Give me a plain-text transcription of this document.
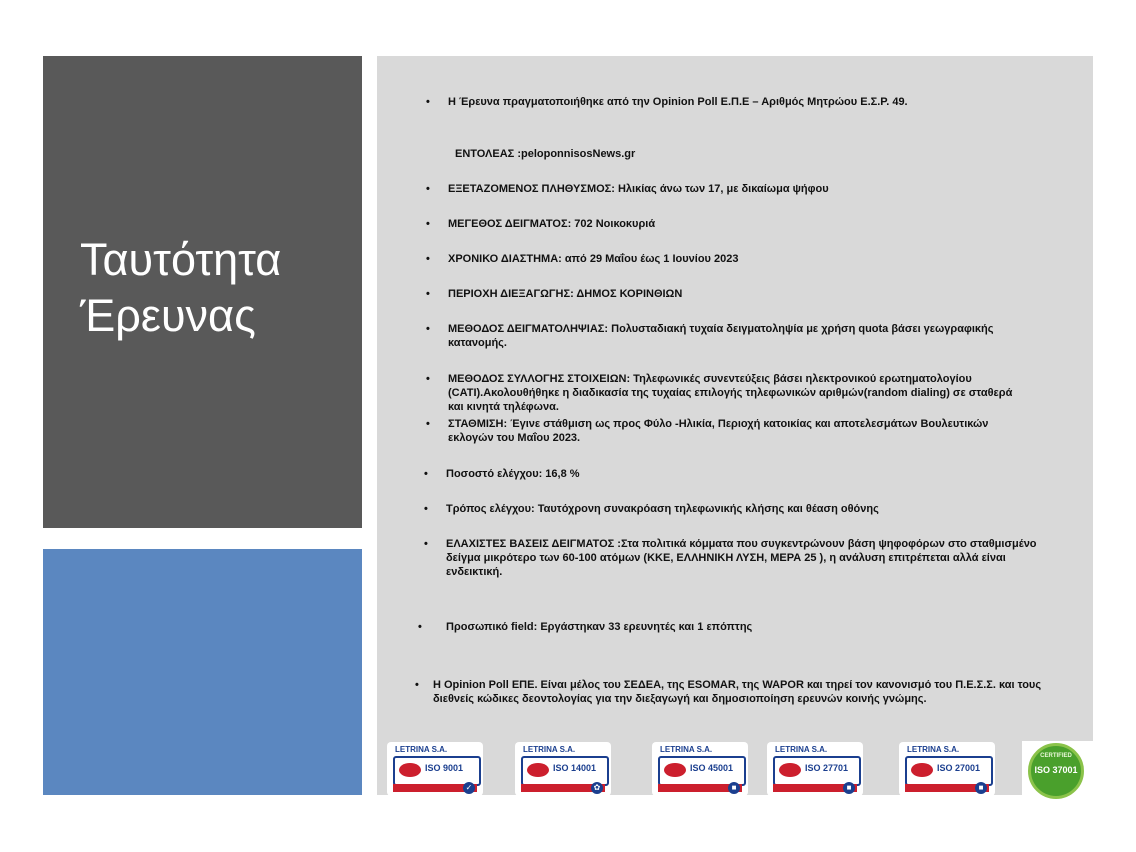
Ταυτότητα
Έρευνας
• Η Έρευνα πραγματοποιήθηκε από την Opinion Poll Ε.Π.Ε – Αριθμός Μητρώου Ε.Σ.Ρ. 49.
ΕΝΤΟΛΕΑΣ :peloponnisosNews.gr
• ΕΞΕΤΑΖΟΜΕΝΟΣ ΠΛΗΘΥΣΜΟΣ: Ηλικίας άνω των 17, με δικαίωμα ψήφου
• ΜΕΓΕΘΟΣ ΔΕΙΓΜΑΤΟΣ: 702 Νοικοκυριά
• ΧΡΟΝΙΚΟ ΔΙΑΣΤΗΜΑ: από 29 Μαΐου έως 1 Ιουνίου 2023
• ΠΕΡΙΟΧΗ ΔΙΕΞΑΓΩΓΗΣ: ΔΗΜΟΣ ΚΟΡΙΝΘΙΩΝ
• ΜΕΘΟΔΟΣ ΔΕΙΓΜΑΤΟΛΗΨΙΑΣ: Πολυσταδιακή τυχαία δειγματοληψία με χρήση quota βάσει γεωγραφικής κατανομής.
• ΜΕΘΟΔΟΣ ΣΥΛΛΟΓΗΣ ΣΤΟΙΧΕΙΩΝ: Τηλεφωνικές συνεντεύξεις βάσει ηλεκτρονικού ερωτηματολογίου (CATI).Ακολουθήθηκε η διαδικασία της τυχαίας επιλογής τηλεφωνικών αριθμών(random dialing) σε σταθερά και κινητά τηλέφωνα.
• ΣΤΑΘΜΙΣΗ: Έγινε στάθμιση ως προς Φύλο -Ηλικία, Περιοχή κατοικίας και αποτελεσμάτων Βουλευτικών εκλογών του Μαΐου 2023.
• Ποσοστό ελέγχου: 16,8 %
• Τρόπος ελέγχου: Ταυτόχρονη συνακρόαση τηλεφωνικής κλήσης και θέαση οθόνης
• ΕΛΑΧΙΣΤΕΣ ΒΑΣΕΙΣ ΔΕΙΓΜΑΤΟΣ :Στα πολιτικά κόμματα που συγκεντρώνουν βάση ψηφοφόρων στο σταθμισμένο δείγμα μικρότερο των 60-100 ατόμων (ΚΚΕ, ΕΛΛΗΝΙΚΗ ΛΥΣΗ, ΜΕΡΑ 25 ), η ανάλυση επιτρέπεται αλλά είναι ενδεικτική.
• Προσωπικό field: Εργάστηκαν 33 ερευνητές και 1 επόπτης
• Η Opinion Poll ΕΠΕ. Είναι μέλος του ΣΕΔΕΑ, της ESOMAR, της WAPOR και τηρεί τον κανονισμό του Π.Ε.Σ.Σ. και τους διεθνείς κώδικες δεοντολογίας για την διεξαγωγή και δημοσιοποίηση ερευνών κοινής γνώμης.
LETRINA S.A.
ISO 9001
✓
LETRINA S.A.
ISO 14001
✿
LETRINA S.A.
ISO 45001
■
LETRINA S.A.
ISO 27701
■
LETRINA S.A.
ISO 27001
■
CERTIFIED
ISO 37001
